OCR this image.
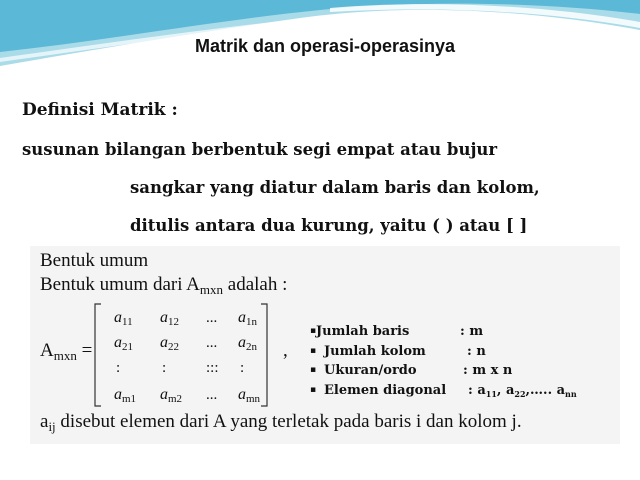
Matrik dan operasi-operasinya
Definisi Matrik :
susunan bilangan berbentuk segi empat atau bujur
sangkar yang diatur dalam baris dan kolom,
ditulis antara dua kurung, yaitu ( ) atau [ ]
Bentuk umum
Bentuk umum dari $A_{mxn}$ adalah :
$A_{mxn}$ =
a11 a12 ... a1n
a21 a22 ... a2n
:	:	::: :
am1 am2 ... amn
,
▪ Jumlah baris	: m
▪ Jumlah kolom	: n
▪ Ukuran/ordo	: m x n
▪ Elemen diagonal : $a_{11}$, $a_{22},\dots$.. $a_{nn}$
$a_{ij}$ disebut elemen dari A yang terletak pada baris i dan kolom j.
